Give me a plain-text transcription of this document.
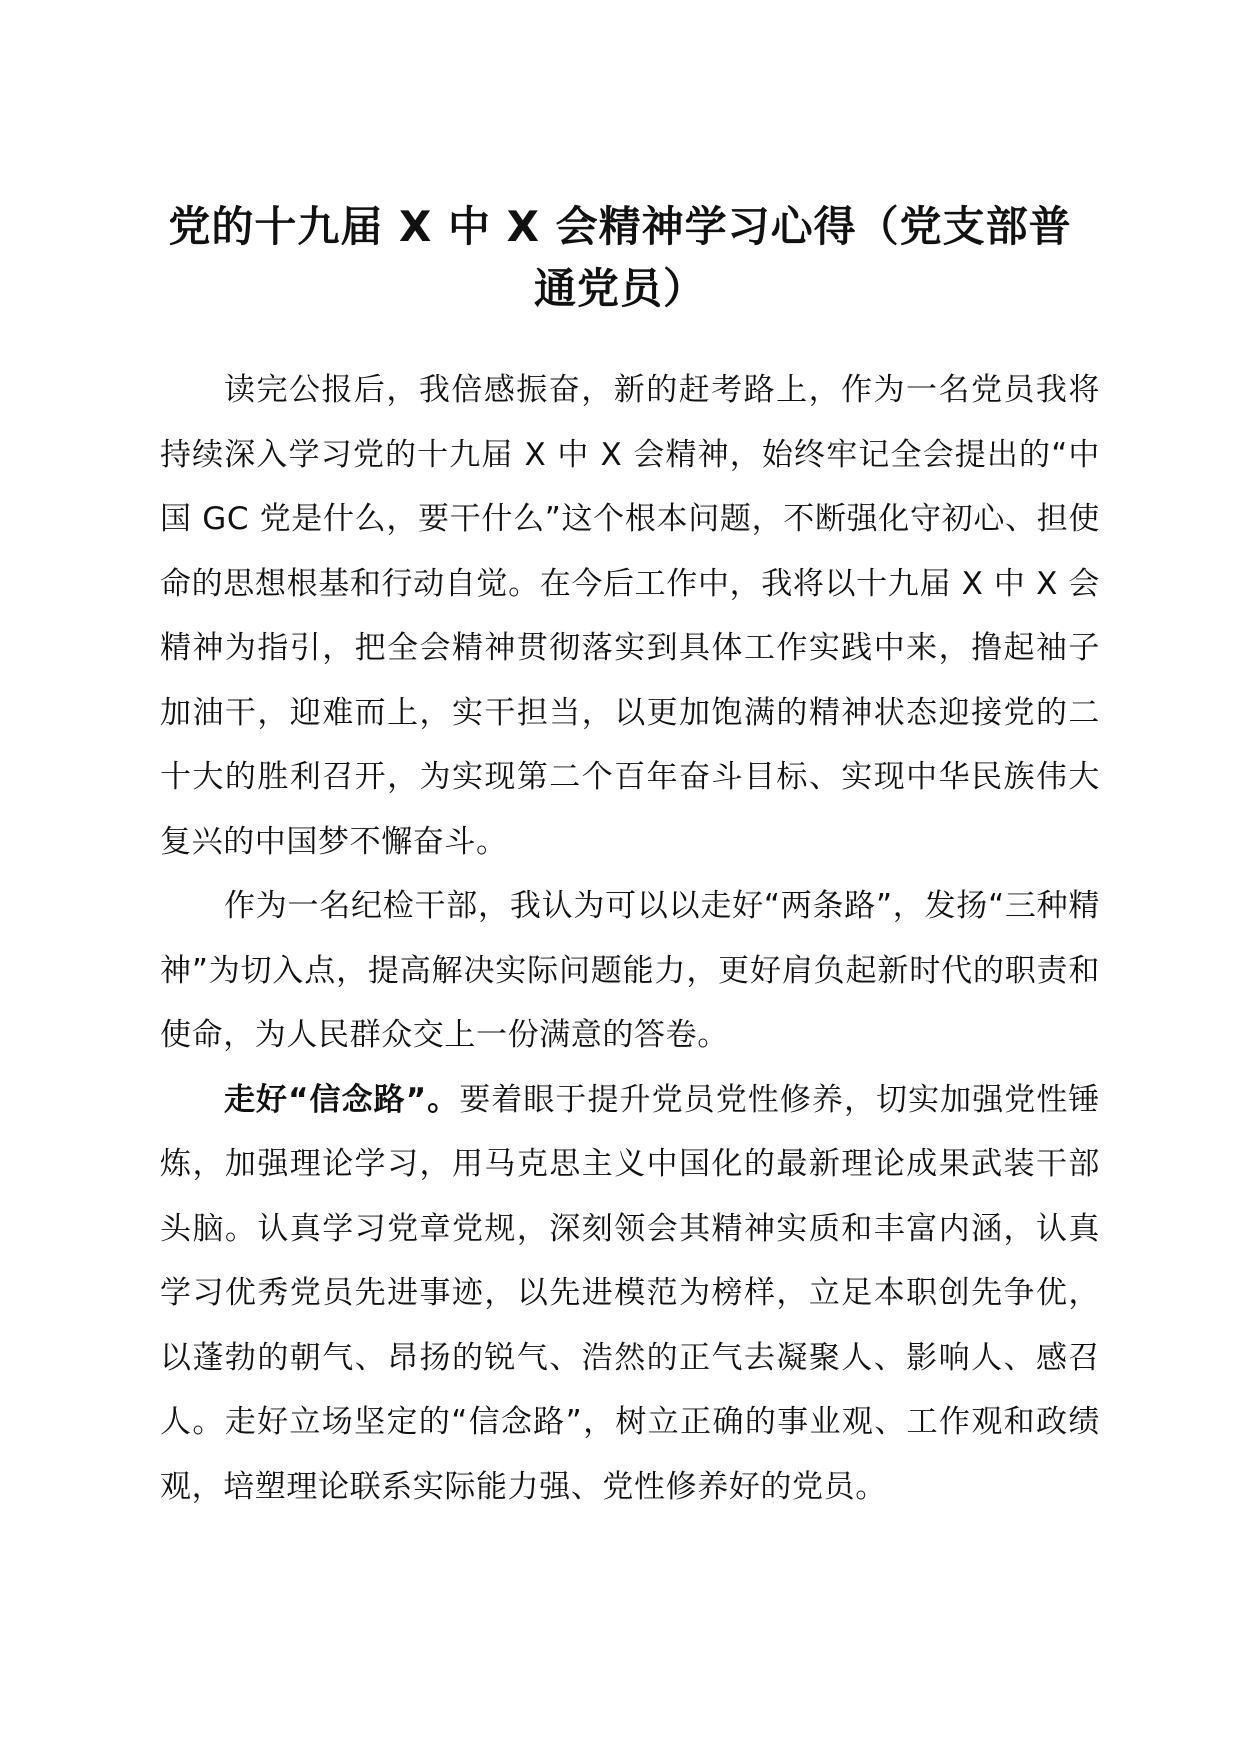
党的十九届 X 中 X 会精神学习心得（党支部普
通党员）

读完公报后，我倍感振奋，新的赶考路上，作为一名党员我将持续深入学习党的十九届 X 中 X 会精神，始终牢记全会提出的“中国 GC 党是什么，要干什么”这个根本问题，不断强化守初心、担使命的思想根基和行动自觉。在今后工作中，我将以十九届 X 中 X 会精神为指引，把全会精神贯彻落实到具体工作实践中来，撸起袖子加油干，迎难而上，实干担当，以更加饱满的精神状态迎接党的二十大的胜利召开，为实现第二个百年奋斗目标、实现中华民族伟大复兴的中国梦不懈奋斗。

作为一名纪检干部，我认为可以以走好“两条路”，发扬“三种精神”为切入点，提高解决实际问题能力，更好肩负起新时代的职责和使命，为人民群众交上一份满意的答卷。

走好“信念路”。要着眼于提升党员党性修养，切实加强党性锤炼，加强理论学习，用马克思主义中国化的最新理论成果武装干部头脑。认真学习党章党规，深刻领会其精神实质和丰富内涵，认真学习优秀党员先进事迹，以先进模范为榜样，立足本职创先争优，以蓬勃的朝气、昂扬的锐气、浩然的正气去凝聚人、影响人、感召人。走好立场坚定的“信念路”，树立正确的事业观、工作观和政绩观，培塑理论联系实际能力强、党性修养好的党员。
